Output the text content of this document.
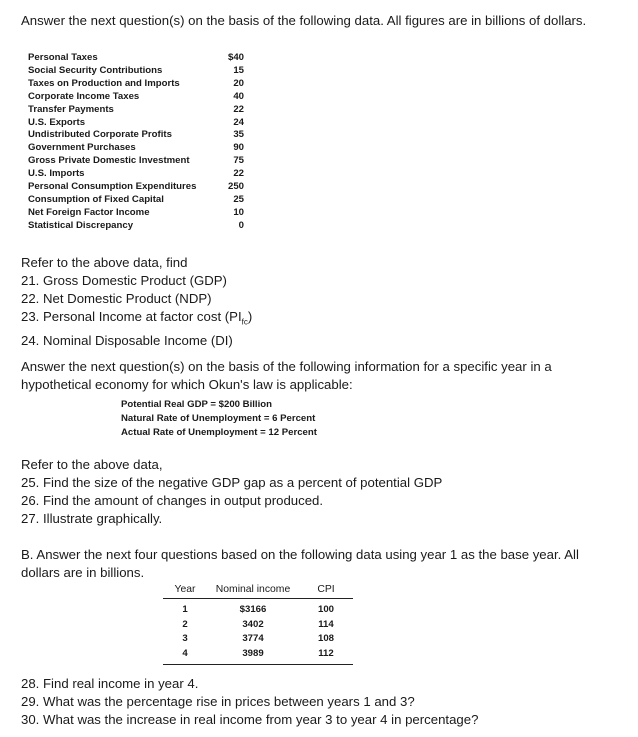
Answer the next question(s) on the basis of the following data. All figures are in billions of dollars.
Personal Taxes	$40
Social Security Contributions	15
Taxes on Production and Imports	20
Corporate Income Taxes	40
Transfer Payments	22
U.S. Exports	24
Undistributed Corporate Profits	35
Government Purchases	90
Gross Private Domestic Investment	75
U.S. Imports	22
Personal Consumption Expenditures	250
Consumption of Fixed Capital	25
Net Foreign Factor Income	10
Statistical Discrepancy	0
Refer to the above data, find
21. Gross Domestic Product (GDP)
22. Net Domestic Product (NDP)
23. Personal Income at factor cost $(PI_{fc})$
24. Nominal Disposable Income (DI)
Answer the next question(s) on the basis of the following information for a specific year in a hypothetical economy for which Okun's law is applicable:
Potential Real GDP = $200 Billion
Natural Rate of Unemployment = 6 Percent
Actual Rate of Unemployment = 12 Percent
Refer to the above data,
25. Find the size of the negative GDP gap as a percent of potential GDP
26. Find the amount of changes in output produced.
27. Illustrate graphically.
B. Answer the next four questions based on the following data using year 1 as the base year. All dollars are in billions.
Year	Nominal income	CPI
1	$3166	100
2	3402	114
3	3774	108
4	3989	112
28. Find real income in year 4.
29. What was the percentage rise in prices between years 1 and 3?
30. What was the increase in real income from year 3 to year 4 in percentage?
